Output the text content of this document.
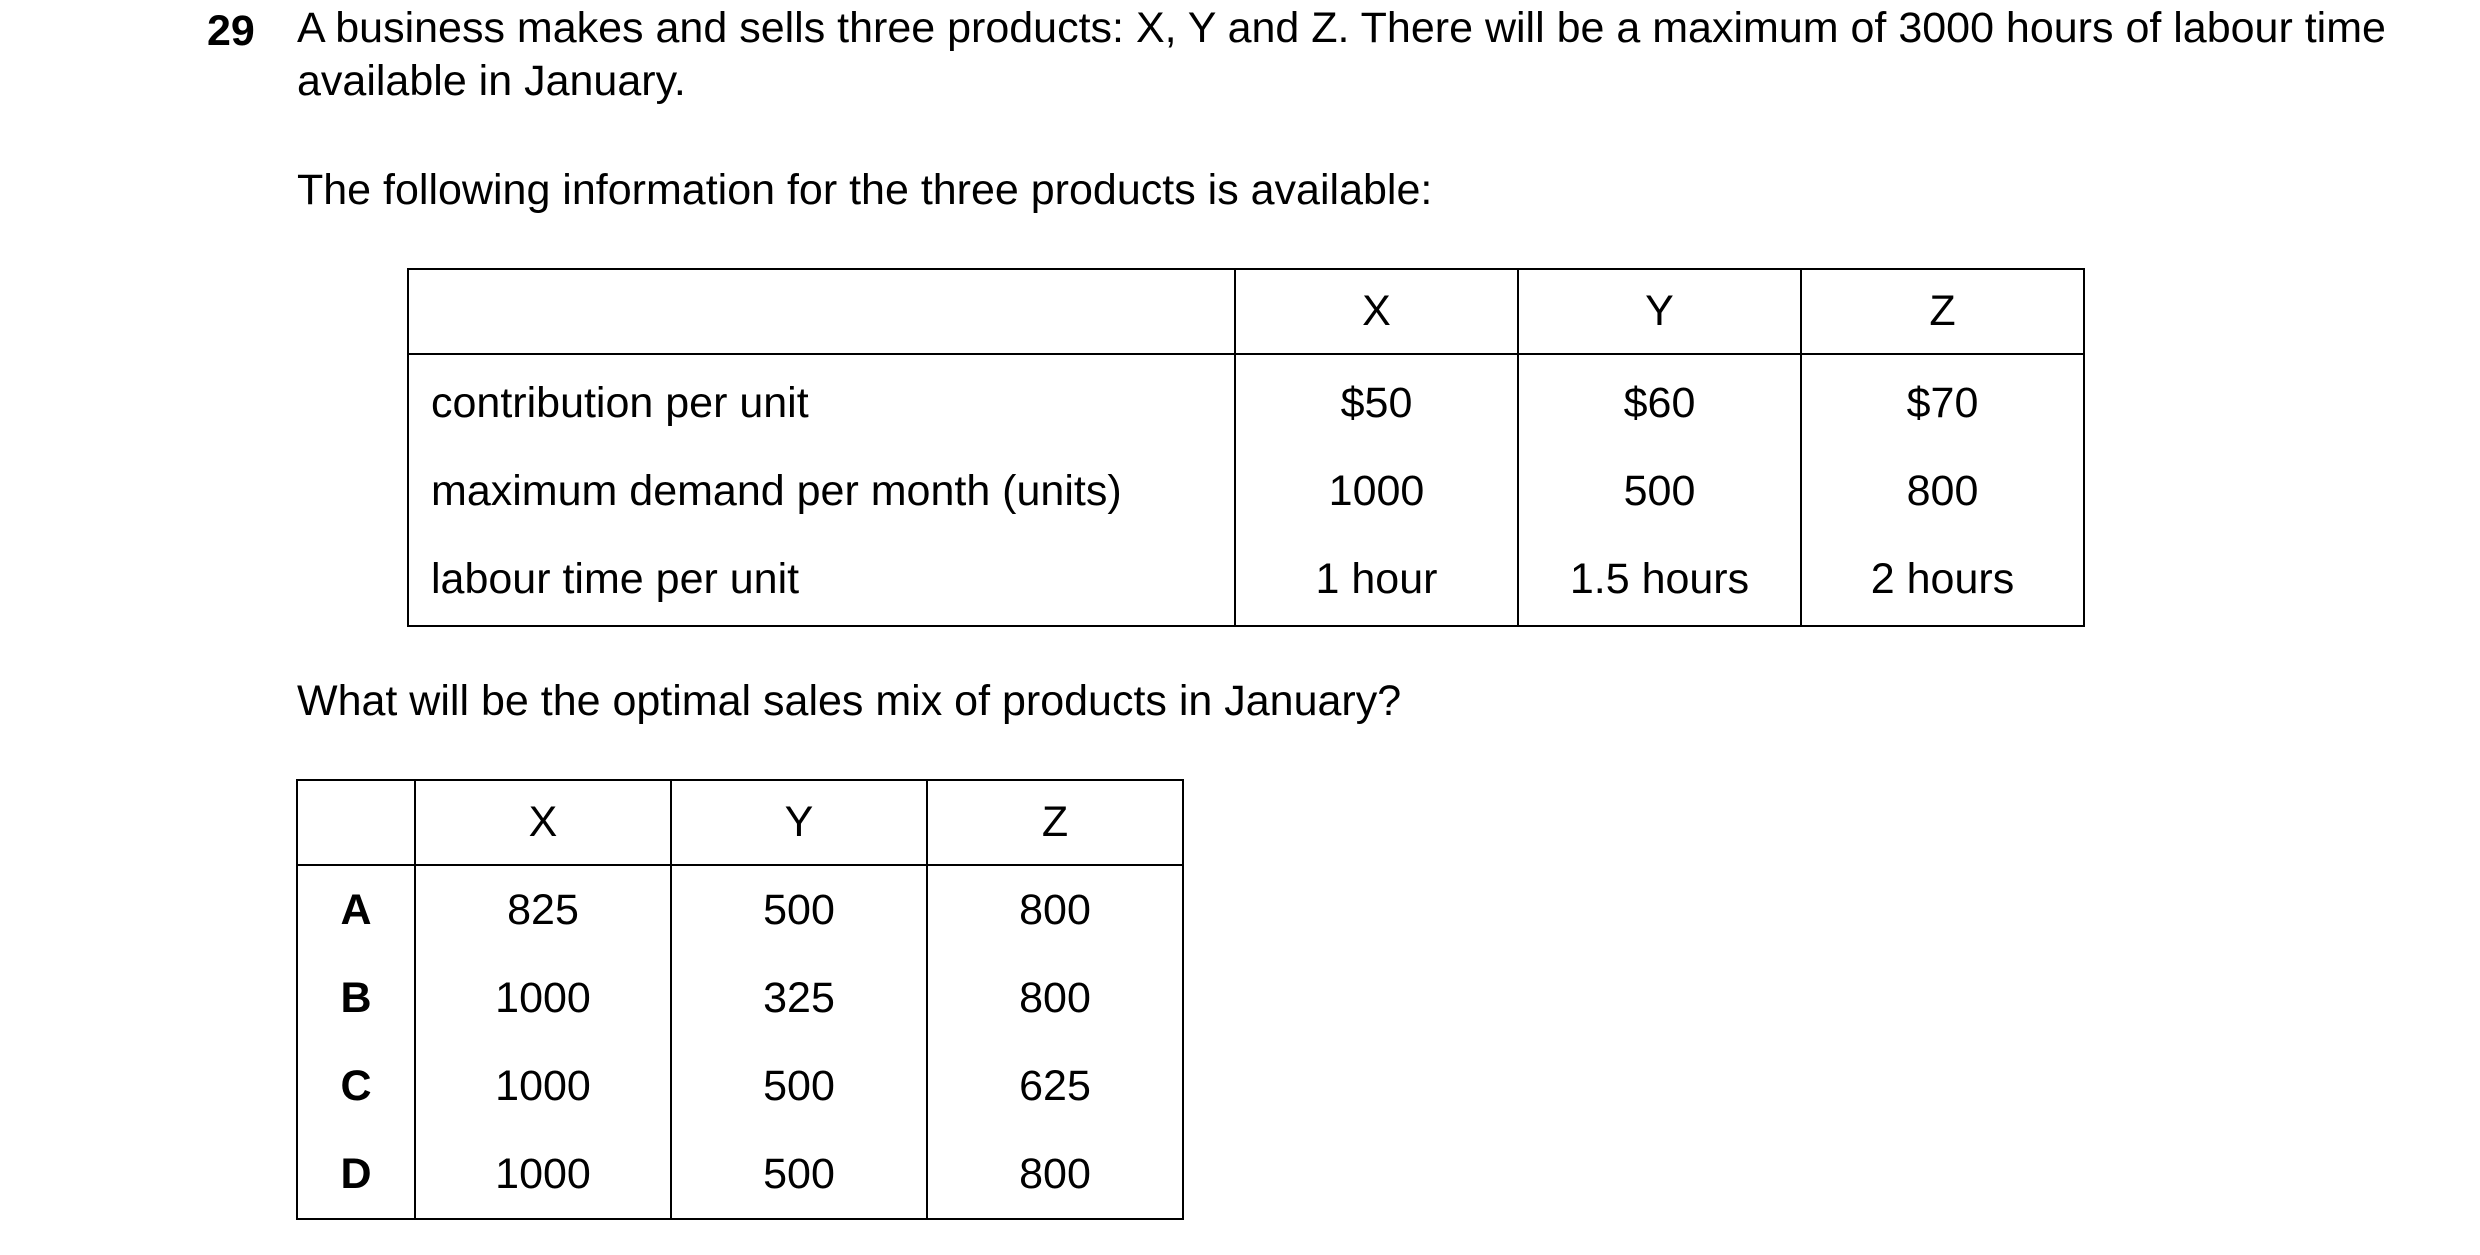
29 A business makes and sells three products: X, Y and Z. There will be a maximum of 3000 hours of labour time available in January.
The following information for the three products is available:
	X	Y	Z
contribution per unit	$50	$60	$70
maximum demand per month (units)	1000	500	800
labour time per unit	1 hour	1.5 hours	2 hours
What will be the optimal sales mix of products in January?
	X	Y	Z
A	825	500	800
B	1000	325	800
C	1000	500	625
D	1000	500	800
